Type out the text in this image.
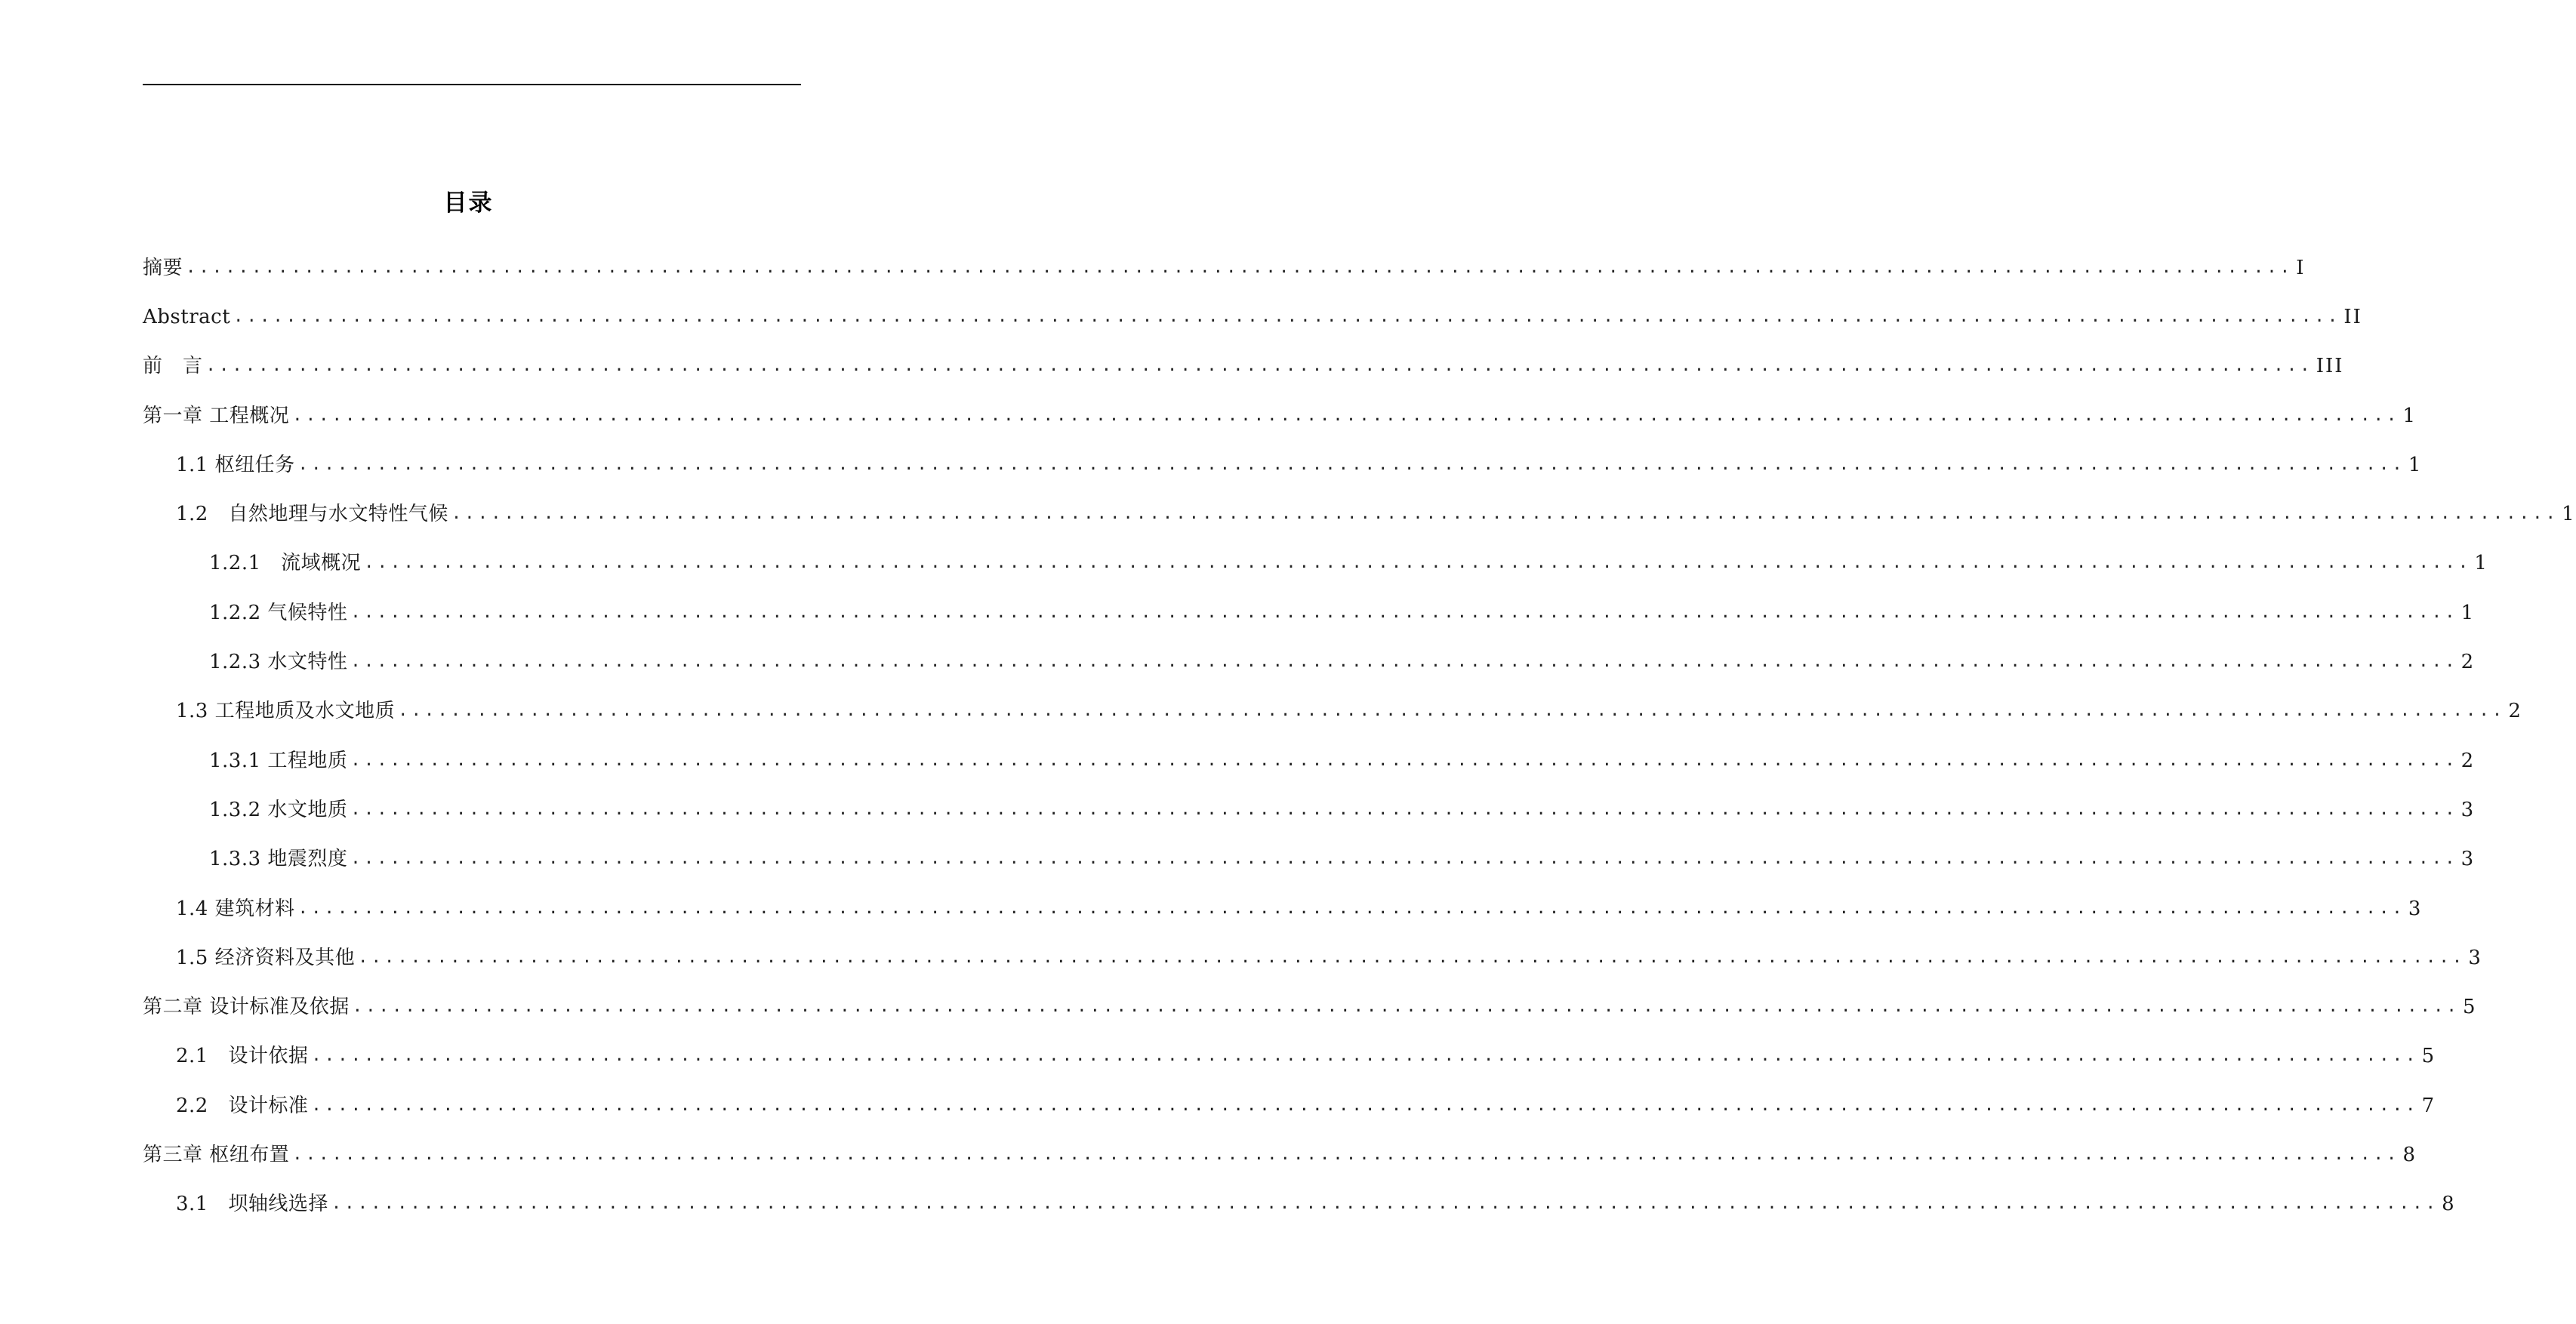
目录
摘要 ................................................................................................................................................................ I
Abstract ................................................................................................................................................................ II
前　言 ................................................................................................................................................................ III
第一章 工程概况 ................................................................................................................................................................ 1
1.1 枢纽任务 ................................................................................................................................................................ 1
1.2　自然地理与水文特性气候 ................................................................................................................................................................ 1
1.2.1　流域概况 ................................................................................................................................................................ 1
1.2.2 气候特性 ................................................................................................................................................................ 1
1.2.3 水文特性 ................................................................................................................................................................ 2
1.3 工程地质及水文地质 ................................................................................................................................................................ 2
1.3.1 工程地质 ................................................................................................................................................................ 2
1.3.2 水文地质 ................................................................................................................................................................ 3
1.3.3 地震烈度 ................................................................................................................................................................ 3
1.4 建筑材料 ................................................................................................................................................................ 3
1.5 经济资料及其他 ................................................................................................................................................................ 3
第二章 设计标准及依据 ................................................................................................................................................................ 5
2.1　设计依据 ................................................................................................................................................................ 5
2.2　设计标准 ................................................................................................................................................................ 7
第三章 枢纽布置 ................................................................................................................................................................ 8
3.1　坝轴线选择 ................................................................................................................................................................ 8
